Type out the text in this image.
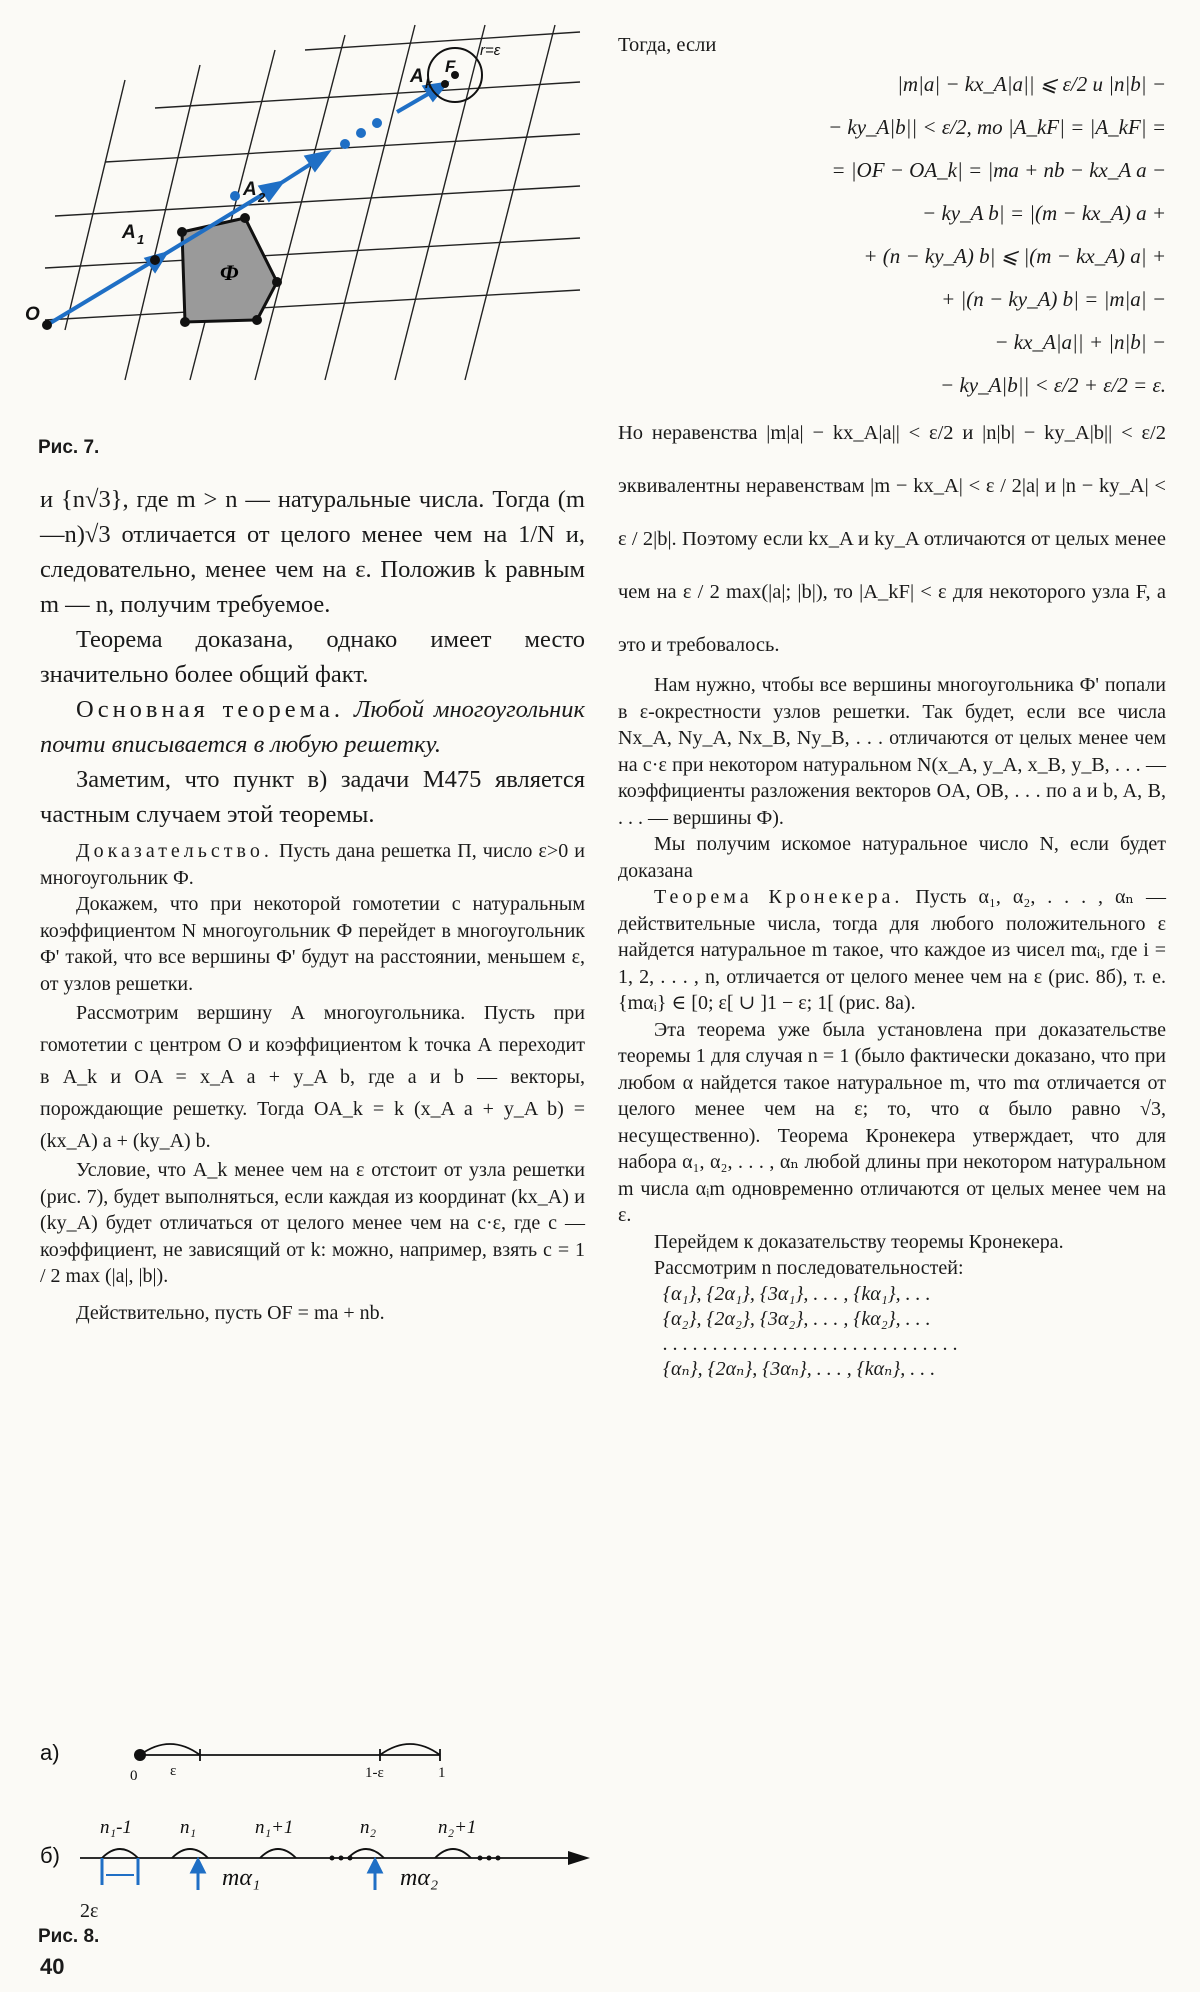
Ф
O
A 1
A 2
A k
F
r=ε
Рис. 7.

и {n√3}, где m > n — натуральные числа. Тогда (m—n)√3 отличается от целого менее чем на 1/N и, следовательно, менее чем на ε. Положив k равным m — n, получим требуемое.

Теорема доказана, однако имеет место значительно более общий факт.

Основная теорема. Любой многоугольник почти вписывается в любую решетку.

Заметим, что пункт в) задачи М475 является частным случаем этой теоремы.

Доказательство. Пусть дана решетка П, число ε>0 и многоугольник Ф.

Докажем, что при некоторой гомотетии с натуральным коэффициентом N многоугольник Ф перейдет в многоугольник Ф' такой, что все вершины Ф' будут на расстоянии, меньшем ε, от узлов решетки.

Рассмотрим вершину А многоугольника. Пусть при гомотетии с центром О и коэффициентом k точка А переходит в A_k и OA = x_A a + y_A b, где a и b — векторы, порождающие решетку. Тогда OA_k = k (x_A a + y_A b) = (kx_A) a + (ky_A) b.

Условие, что A_k менее чем на ε отстоит от узла решетки (рис. 7), будет выполняться, если каждая из координат (kx_A) и (ky_A) будет отличаться от целого менее чем на c·ε, где c — коэффициент, не зависящий от k: можно, например, взять c = 1 / 2 max (|a|, |b|).

Действительно, пусть OF = ma + nb.

а)
б)
0 ε	1-ε	1
n₁-1	n₁	n₁+1	n₂	n₂+1
mα₁	mα₂
2ε
Рис. 8.

Тогда, если

|m|a| − kx_A|a|| ⩽ ε/2 и |n|b| −
− ky_A|b|| < ε/2, то |A_kF| = |A_kF| =
= |OF − OA_k| = |ma + nb − kx_A a −
− ky_A b| = |(m − kx_A) a +
+ (n − ky_A) b| ⩽ |(m − kx_A) a| +
+ |(n − ky_A) b| = |m|a| −
− kx_A|a|| + |n|b| −
− ky_A|b|| < ε/2 + ε/2 = ε.

Но неравенства |m|a| − kx_A|a|| < ε/2 и |n|b| − ky_A|b|| < ε/2 эквивалентны неравенствам |m − kx_A| < ε / 2|a| и |n − ky_A| < ε / 2|b|. Поэтому если kx_A и ky_A отличаются от целых менее чем на ε / 2 max(|a|; |b|), то |A_kF| < ε для некоторого узла F, а это и требовалось.

Нам нужно, чтобы все вершины многоугольника Ф' попали в ε-окрестности узлов решетки. Так будет, если все числа Nx_A, Ny_A, Nx_B, Ny_B, . . . отличаются от целых менее чем на c·ε при некотором натуральном N(x_A, y_A, x_B, y_B, . . . — коэффициенты разложения векторов OA, OB, . . . по a и b, A, B, . . . — вершины Ф).

Мы получим искомое натуральное число N, если будет доказана

Теорема Кронекера. Пусть α₁, α₂, . . . , αₙ — действительные числа, тогда для любого положительного ε найдется натуральное m такое, что каждое из чисел mαᵢ, где i = 1, 2, . . . , n, отличается от целого менее чем на ε (рис. 8б), т. е. {mαᵢ} ∈ [0; ε[ ∪ ]1 − ε; 1[ (рис. 8а).

Эта теорема уже была установлена при доказательстве теоремы 1 для случая n = 1 (было фактически доказано, что при любом α найдется такое натуральное m, что mα отличается от целого менее чем на ε; то, что α было равно √3, несущественно). Теорема Кронекера утверждает, что для набора α₁, α₂, . . . , αₙ любой длины при некотором натуральном m числа αᵢm одновременно отличаются от целых менее чем на ε.

Перейдем к доказательству теоремы Кронекера.

Рассмотрим n последовательностей:

{α₁}, {2α₁}, {3α₁}, . . . , {kα₁}, . . .
{α₂}, {2α₂}, {3α₂}, . . . , {kα₂}, . . .
. . . . . . . . . . . . . . . . . . . . . . . . . . . . . .
{αₙ}, {2αₙ}, {3αₙ}, . . . , {kαₙ}, . . .
40
